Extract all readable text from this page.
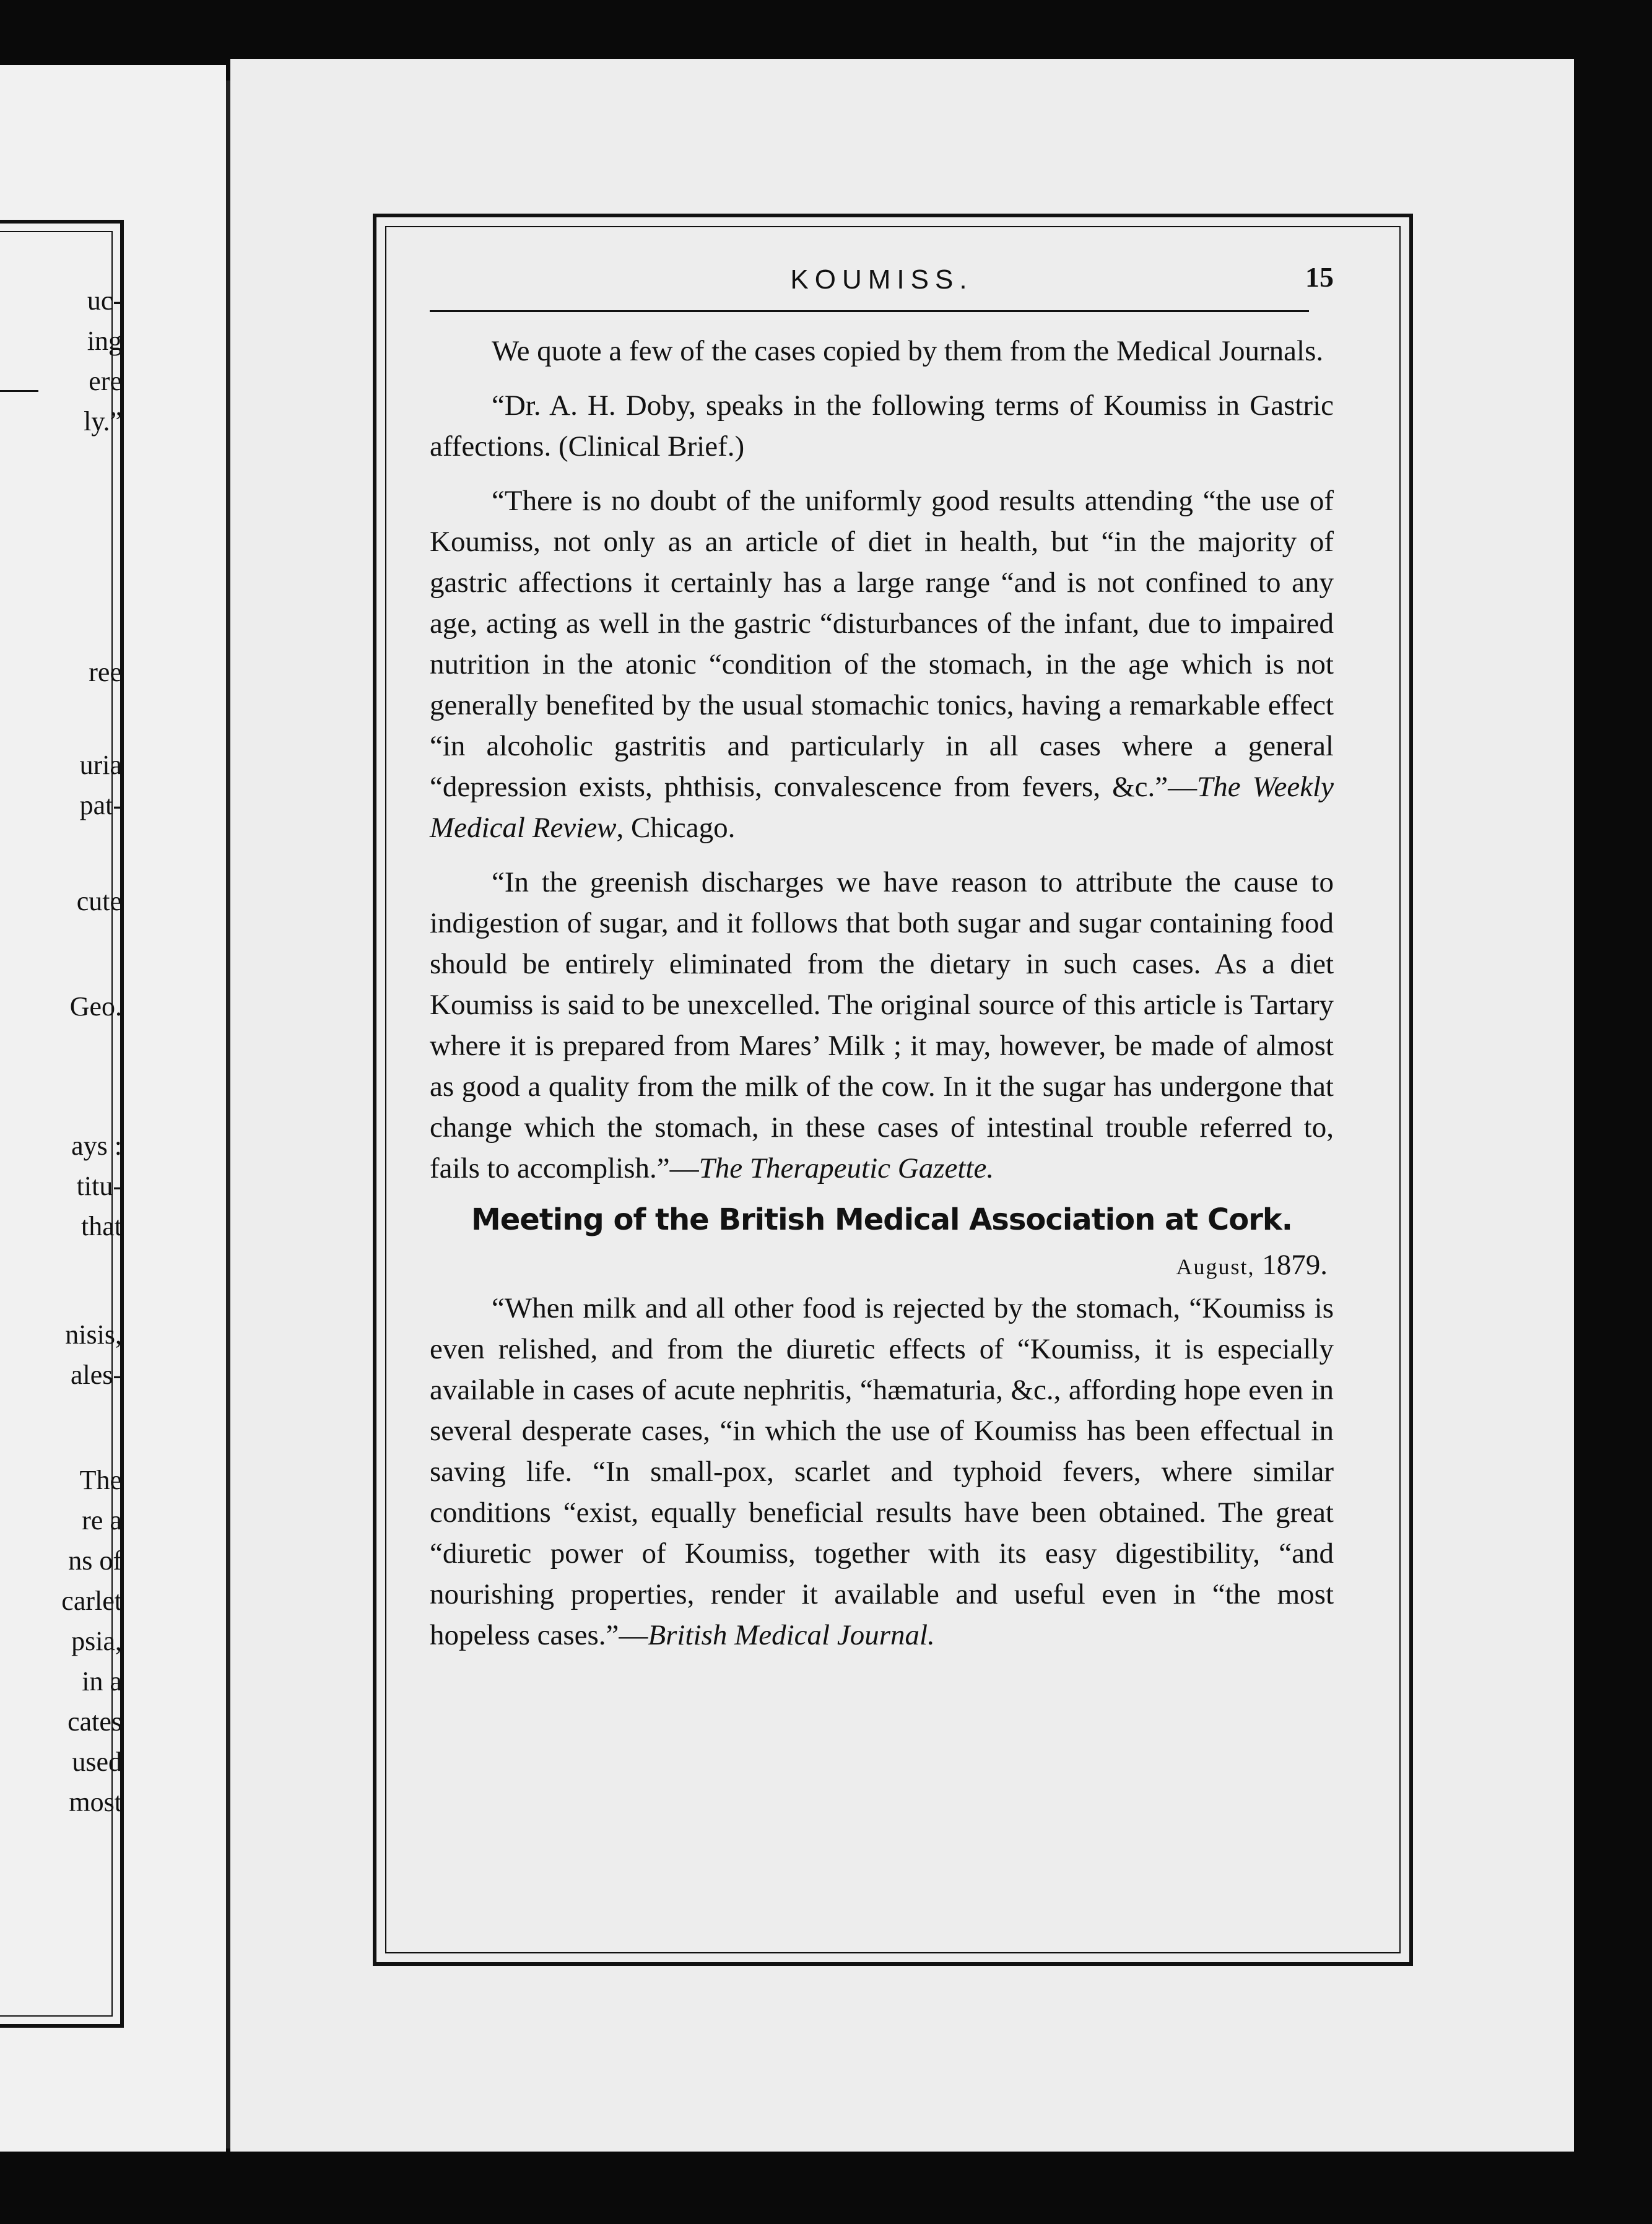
uc-
ing
ere
ly.”
ree
uria
pat-
cute
Geo.
ays :
titu-
that
nisis,
ales-
The
re a
ns of
carlet
psia,
in a
cates
used
most
KOUMISS.	15

We quote a few of the cases copied by them from the Medical Journals.

“Dr. A. H. Doby, speaks in the following terms of Koumiss in Gastric affections. (Clinical Brief.)

“There is no doubt of the uniformly good results attending “the use of Koumiss, not only as an article of diet in health, but “in the majority of gastric affections it certainly has a large range “and is not confined to any age, acting as well in the gastric “disturbances of the infant, due to impaired nutrition in the atonic “condition of the stomach, in the age which is not generally benefited by the usual stomachic tonics, having a remarkable effect “in alcoholic gastritis and particularly in all cases where a general “depression exists, phthisis, convalescence from fevers, &c.”—The Weekly Medical Review, Chicago.

“In the greenish discharges we have reason to attribute the cause to indigestion of sugar, and it follows that both sugar and sugar containing food should be entirely eliminated from the dietary in such cases. As a diet Koumiss is said to be unexcelled. The original source of this article is Tartary where it is prepared from Mares’ Milk ; it may, however, be made of almost as good a quality from the milk of the cow. In it the sugar has undergone that change which the stomach, in these cases of intestinal trouble referred to, fails to accomplish.”—The Therapeutic Gazette.

Meeting of the British Medical Association at Cork.
August, 1879.

“When milk and all other food is rejected by the stomach, “Koumiss is even relished, and from the diuretic effects of “Koumiss, it is especially available in cases of acute nephritis, “hæmaturia, &c., affording hope even in several desperate cases, “in which the use of Koumiss has been effectual in saving life. “In small-pox, scarlet and typhoid fevers, where similar conditions “exist, equally beneficial results have been obtained. The great “diuretic power of Koumiss, together with its easy digestibility, “and nourishing properties, render it available and useful even in “the most hopeless cases.”—British Medical Journal.
